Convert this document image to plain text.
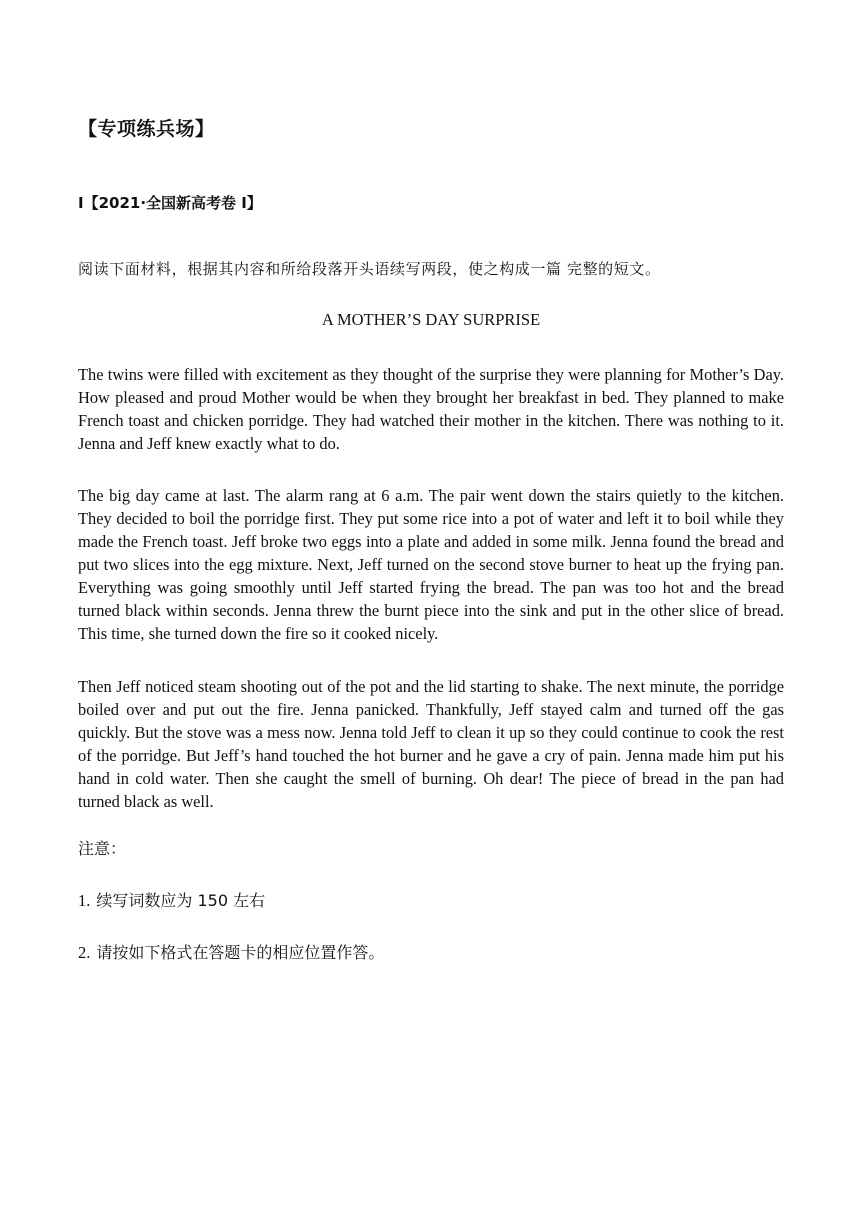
【专项练兵场】
I【2021·全国新高考卷 I】
阅读下面材料，根据其内容和所给段落开头语续写两段，使之构成一篇 完整的短文。
A MOTHER’S DAY SURPRISE

The twins were filled with excitement as they thought of the surprise they were planning for Mother’s Day. How pleased and proud Mother would be when they brought her breakfast in bed. They planned to make French toast and chicken porridge. They had watched their mother in the kitchen. There was nothing to it. Jenna and Jeff knew exactly what to do.

The big day came at last. The alarm rang at 6 a.m. The pair went down the stairs quietly to the kitchen. They decided to boil the porridge first. They put some rice into a pot of water and left it to boil while they made the French toast. Jeff broke two eggs into a plate and added in some milk. Jenna found the bread and put two slices into the egg mixture. Next, Jeff turned on the second stove burner to heat up the frying pan. Everything was going smoothly until Jeff started frying the bread. The pan was too hot and the bread turned black within seconds. Jenna threw the burnt piece into the sink and put in the other slice of bread. This time, she turned down the fire so it cooked nicely.

Then Jeff noticed steam shooting out of the pot and the lid starting to shake. The next minute, the porridge boiled over and put out the fire. Jenna panicked. Thankfully, Jeff stayed calm and turned off the gas quickly. But the stove was a mess now. Jenna told Jeff to clean it up so they could continue to cook the rest of the porridge. But Jeff’s hand touched the hot burner and he gave a cry of pain. Jenna made him put his hand in cold water. Then she caught the smell of burning. Oh dear! The piece of bread in the pan had turned black as well.

注意：
1. 续写词数应为 150 左右
2. 请按如下格式在答题卡的相应位置作答。
